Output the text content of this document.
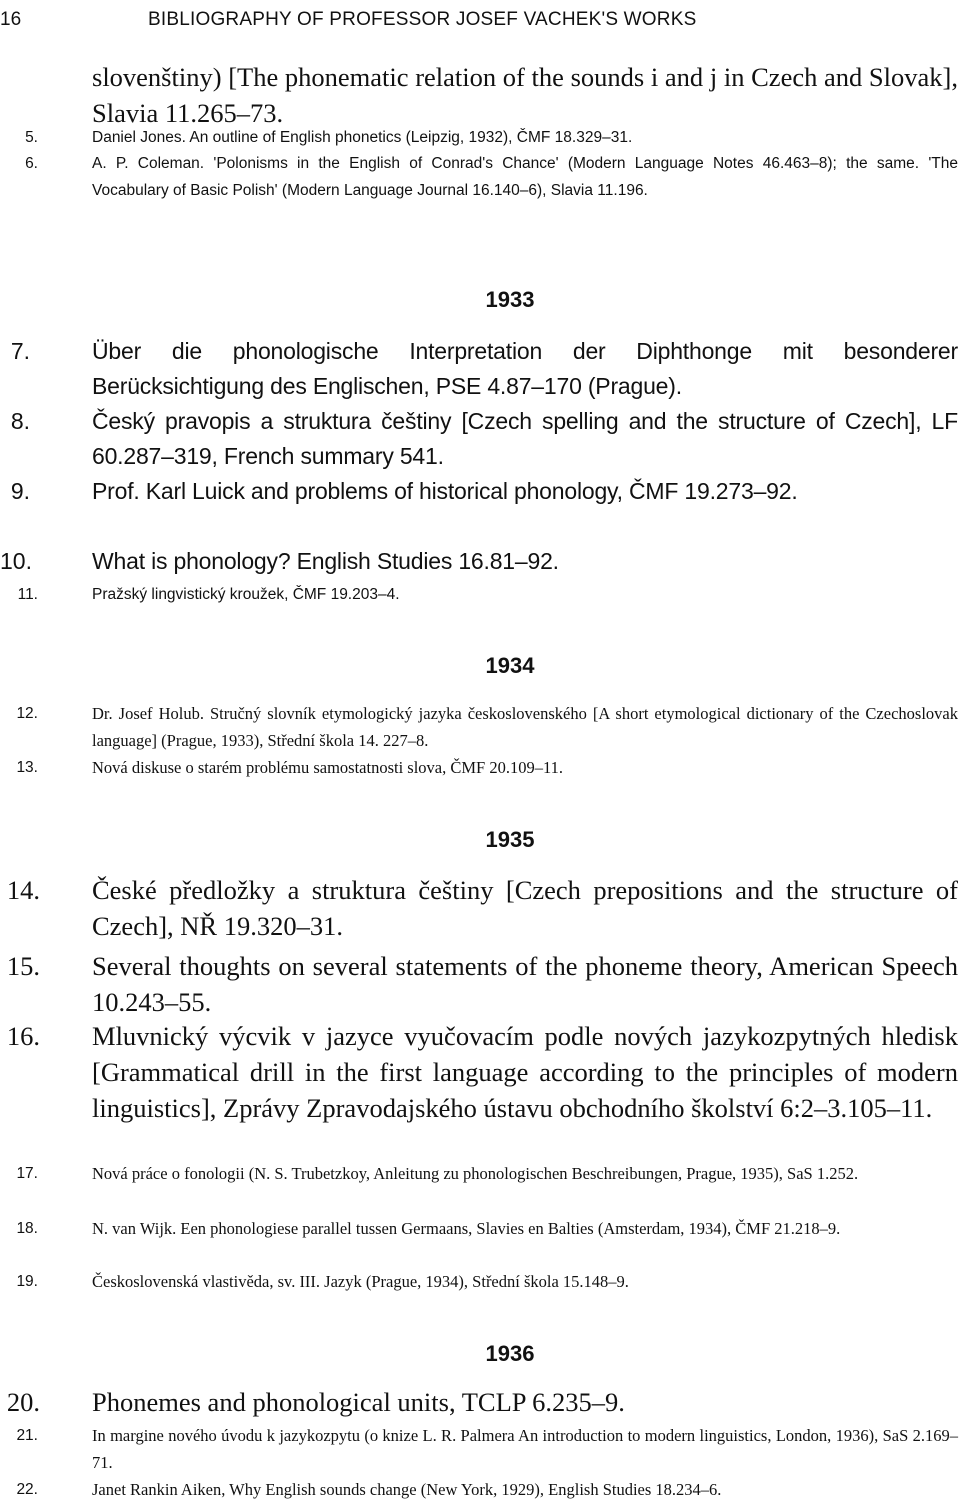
16	BIBLIOGRAPHY OF PROFESSOR JOSEF VACHEK'S WORKS
slovenštiny) [The phonematic relation of the sounds i and j in Czech and Slovak], Slavia 11.265–73.
5.	Daniel Jones. An outline of English phonetics (Leipzig, 1932), ČMF 18.329–31.
6.	A. P. Coleman. 'Polonisms in the English of Conrad's Chance' (Modern Language Notes 46.463–8); the same. 'The Vocabulary of Basic Polish' (Modern Language Journal 16.140–6), Slavia 11.196.
1933
7.	Über die phonologische Interpretation der Diphthonge mit besonderer Berücksichtigung des Englischen, PSE 4.87–170 (Prague).
8.	Český pravopis a struktura češtiny [Czech spelling and the structure of Czech], LF 60.287–319, French summary 541.
9.	Prof. Karl Luick and problems of historical phonology, ČMF 19.273–92.
10.	What is phonology? English Studies 16.81–92.
11.	Pražský lingvistický kroužek, ČMF 19.203–4.
1934
12.	Dr. Josef Holub. Stručný slovník etymologický jazyka československého [A short etymological dictionary of the Czechoslovak language] (Prague, 1933), Střední škola 14. 227–8.
13.	Nová diskuse o starém problému samostatnosti slova, ČMF 20.109–11.
1935
14. České předložky a struktura češtiny [Czech prepositions and the structure of Czech], NŘ 19.320–31.
15. Several thoughts on several statements of the phoneme theory, American Speech 10.243–55.
16. Mluvnický výcvik v jazyce vyučovacím podle nových jazykozpytných hledisk [Grammatical drill in the first language according to the principles of modern linguistics], Zprávy Zpravodajského ústavu obchodního školství 6:2–3.105–11.
17.	Nová práce o fonologii (N. S. Trubetzkoy, Anleitung zu phonologischen Beschreibungen, Prague, 1935), SaS 1.252.
18.	N. van Wijk. Een phonologiese parallel tussen Germaans, Slavies en Balties (Amsterdam, 1934), ČMF 21.218–9.
19.	Československá vlastivěda, sv. III. Jazyk (Prague, 1934), Střední škola 15.148–9.
1936
20. Phonemes and phonological units, TCLP 6.235–9.
21.	In margine nového úvodu k jazykozpytu (o knize L. R. Palmera An introduction to modern linguistics, London, 1936), SaS 2.169–71.
22.	Janet Rankin Aiken, Why English sounds change (New York, 1929), English Studies 18.234–6.
